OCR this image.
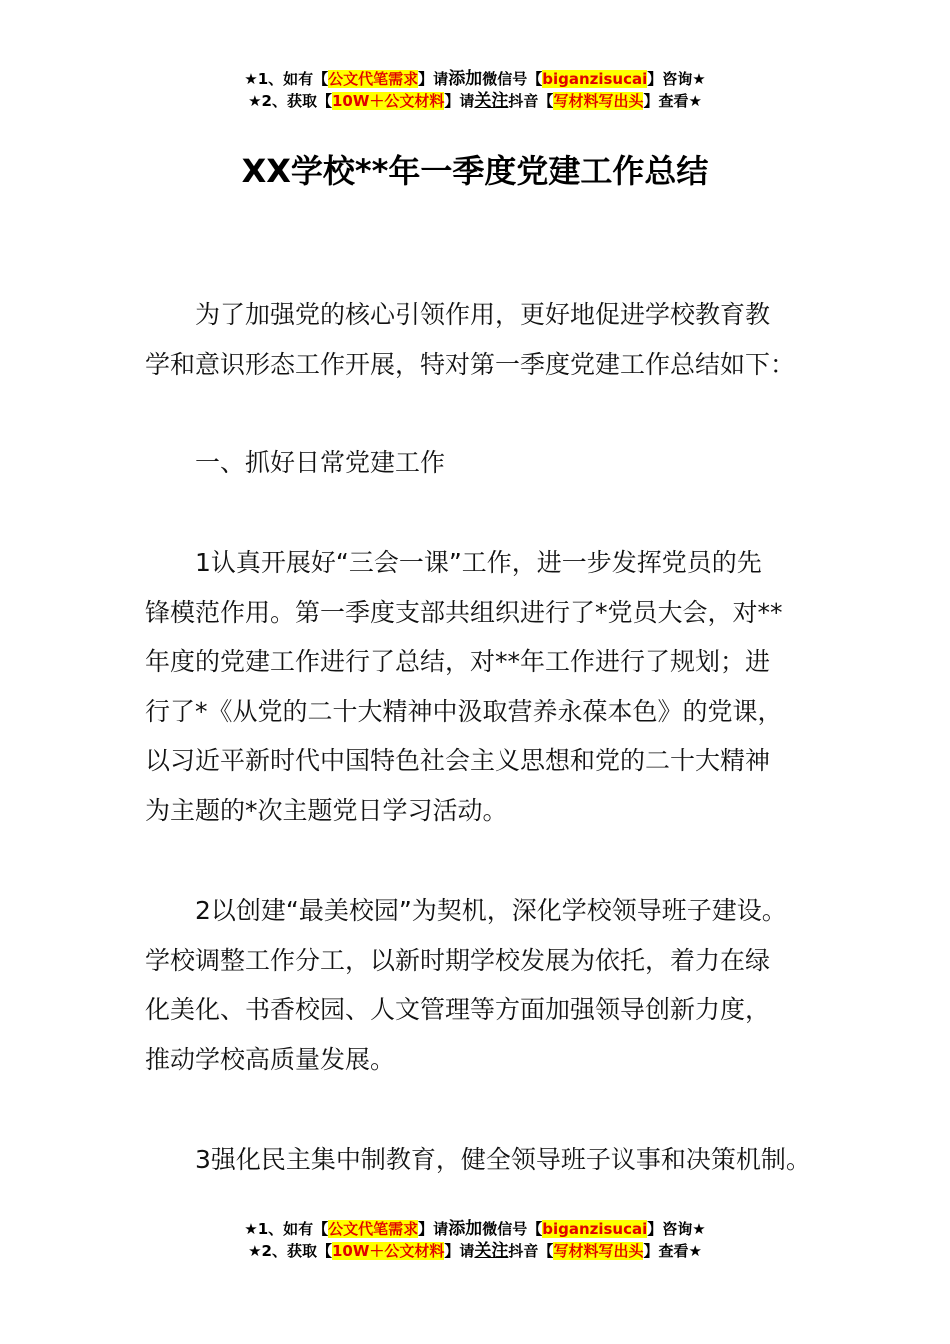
★1、如有【公文代笔需求】请添加微信号【biganzisucai】咨询★
★2、获取【10W＋公文材料】请关注抖音【写材料写出头】查看★
XX学校**年一季度党建工作总结
为了加强党的核心引领作用，更好地促进学校教育教
学和意识形态工作开展，特对第一季度党建工作总结如下：
一、抓好日常党建工作
1认真开展好“三会一课”工作，进一步发挥党员的先
锋模范作用。第一季度支部共组织进行了*党员大会，对**
年度的党建工作进行了总结，对**年工作进行了规划；进
行了*《从党的二十大精神中汲取营养永葆本色》的党课，
以习近平新时代中国特色社会主义思想和党的二十大精神
为主题的*次主题党日学习活动。
2以创建“最美校园”为契机，深化学校领导班子建设。
学校调整工作分工，以新时期学校发展为依托，着力在绿
化美化、书香校园、人文管理等方面加强领导创新力度，
推动学校高质量发展。
3强化民主集中制教育，健全领导班子议事和决策机制。
★1、如有【公文代笔需求】请添加微信号【biganzisucai】咨询★
★2、获取【10W＋公文材料】请关注抖音【写材料写出头】查看★
